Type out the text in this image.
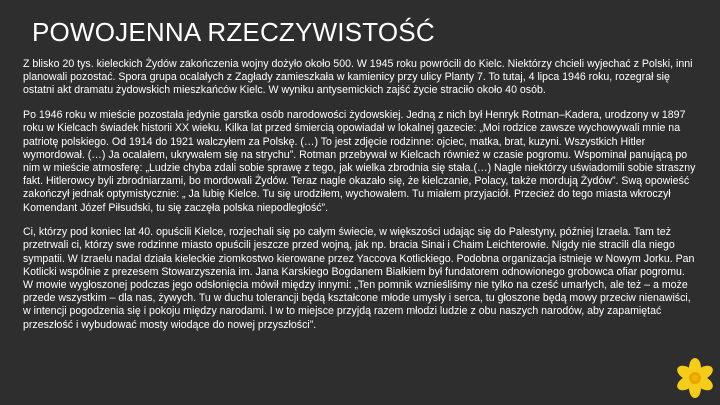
POWOJENNA RZECZYWISTOŚĆ

Z blisko 20 tys. kieleckich Żydów zakończenia wojny dożyło około 500. W 1945 roku powrócili do Kielc. Niektórzy chcieli wyjechać z Polski, inni planowali pozostać. Spora grupa ocalałych z Zagłady zamieszkała w kamienicy przy ulicy Planty 7. To tutaj, 4 lipca 1946 roku, rozegrał się ostatni akt dramatu żydowskich mieszkańców Kielc. W wyniku antysemickich zajść życie straciło około 40 osób.

Po 1946 roku w mieście pozostała jedynie garstka osób narodowości żydowskiej. Jedną z nich był Henryk Rotman–Kadera, urodzony w 1897 roku w Kielcach świadek historii XX wieku. Kilka lat przed śmiercią opowiadał w lokalnej gazecie: „Moi rodzice zawsze wychowywali mnie na patriotę polskiego. Od 1914 do 1921 walczyłem za Polskę. (…) To jest zdjęcie rodzinne: ojciec, matka, brat, kuzyni. Wszystkich Hitler wymordował. (…) Ja ocalałem, ukrywałem się na strychu”. Rotman przebywał w Kielcach również w czasie pogromu. Wspominał panującą po nim w mieście atmosferę: „Ludzie chyba zdali sobie sprawę z tego, jak wielka zbrodnia się stała.(…) Nagle niektórzy uświadomili sobie straszny fakt. Hitlerowcy byli zbrodniarzami, bo mordowali Żydów. Teraz nagle okazało się, że kielczanie, Polacy, także mordują Żydów”. Swą opowieść zakończył jednak optymistycznie: „ Ja lubię Kielce. Tu się urodziłem, wychowałem. Tu miałem przyjaciół. Przecież do tego miasta wkroczył Komendant Józef Piłsudski, tu się zaczęła polska niepodległość”.

Ci, którzy pod koniec lat 40. opuścili Kielce, rozjechali się po całym świecie, w większości udając się do Palestyny, później Izraela. Tam też przetrwali ci, którzy swe rodzinne miasto opuścili jeszcze przed wojną, jak np. bracia Sinai i Chaim Leichterowie. Nigdy nie stracili dla niego sympatii. W Izraelu nadal działa kieleckie ziomkostwo kierowane przez Yaccova Kotlickiego. Podobna organizacja istnieje w Nowym Jorku. Pan Kotlicki wspólnie z prezesem Stowarzyszenia im. Jana Karskiego Bogdanem Białkiem był fundatorem odnowionego grobowca ofiar pogromu. W mowie wygłoszonej podczas jego odsłonięcia mówił między innymi: „Ten pomnik wznieśliśmy nie tylko na cześć umarłych, ale też – a może przede wszystkim – dla nas, żywych. Tu w duchu tolerancji będą kształcone młode umysły i serca, tu głoszone będą mowy przeciw nienawiści, w intencji pogodzenia się i pokoju między narodami. I w to miejsce przyjdą razem młodzi ludzie z obu naszych narodów, aby zapamiętać przeszłość i wybudować mosty wiodące do nowej przyszłości”.
